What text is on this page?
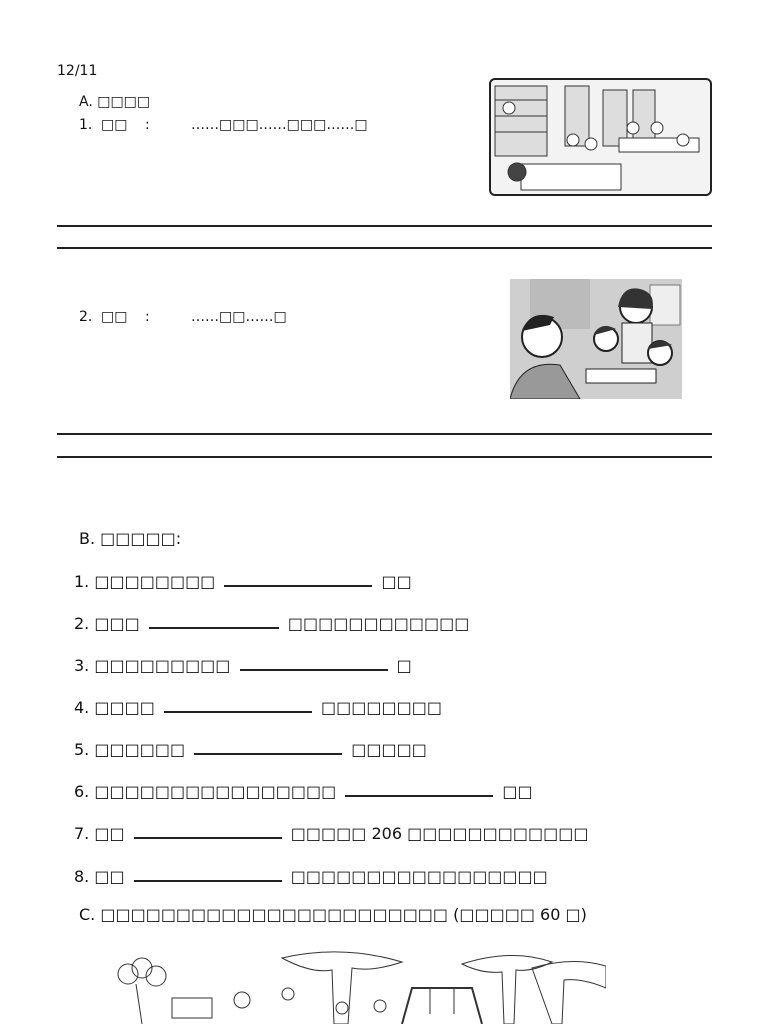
12/11
A. □□□□
1. □□ :	……□□□……□□□……□
2. □□ :	……□□……□
B. □□□□□:
1. □□□□□□□□	□□
2. □□□	□□□□□□□□□□□□
3. □□□□□□□□□	□
4. □□□□	□□□□□□□□
5. □□□□□□	□□□□□
6. □□□□□□□□□□□□□□□□	□□
7. □□	□□□□□ 206 □□□□□□□□□□□□
8. □□	□□□□□□□□□□□□□□□□□
C. □□□□□□□□□□□□□□□□□□□□□□□ (□□□□□ 60 □)
